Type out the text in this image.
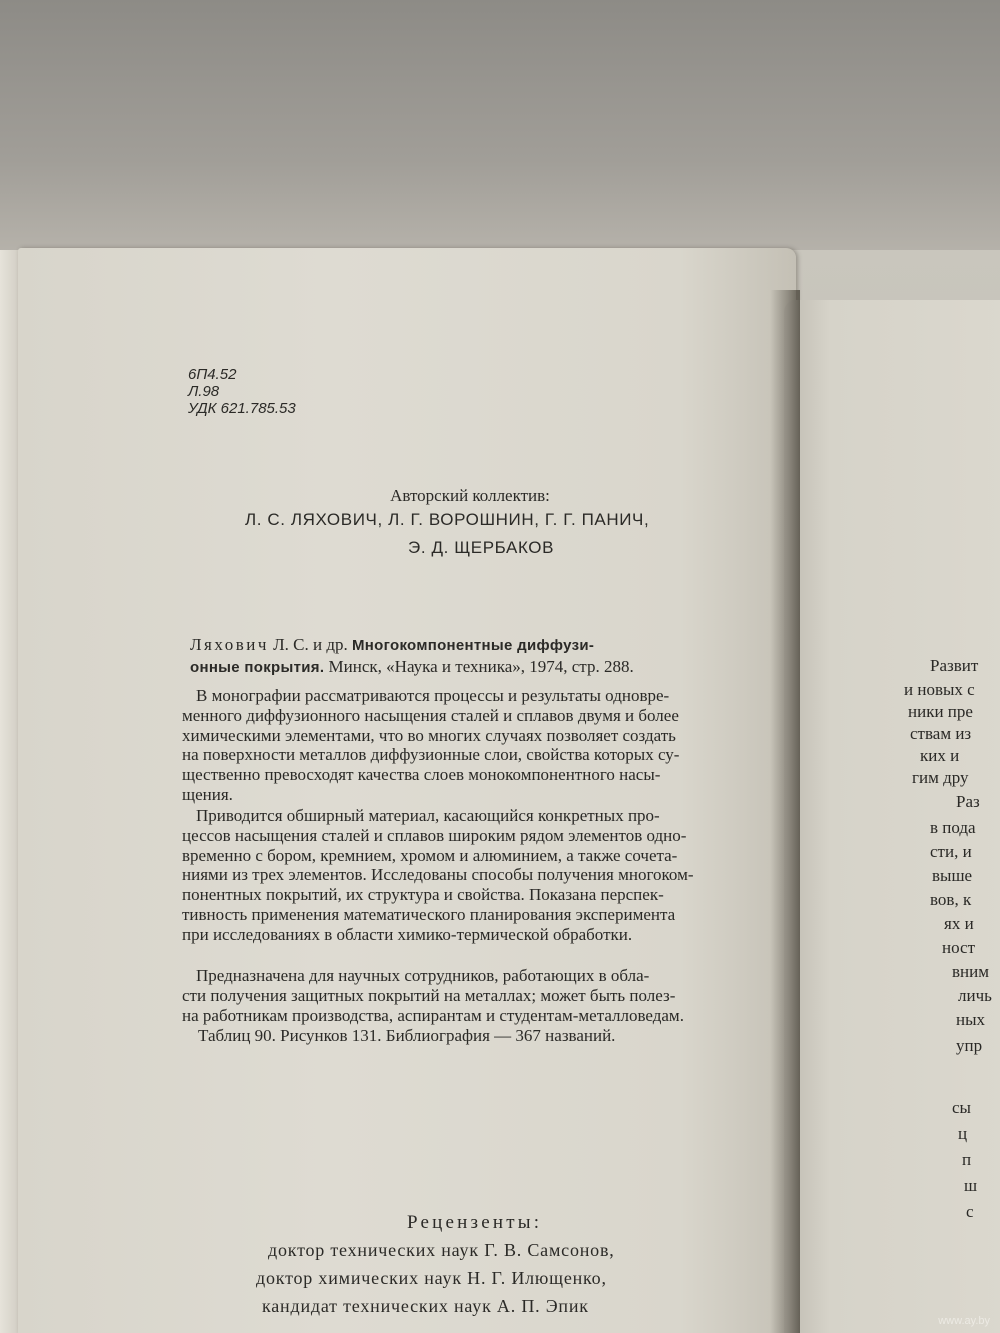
6П4.52
Л.98
УДК 621.785.53
Авторский коллектив:
Л. С. ЛЯХОВИЧ, Л. Г. ВОРОШНИН, Г. Г. ПАНИЧ,
Э. Д. ЩЕРБАКОВ
Ляхович Л. С. и др. Многокомпонентные диффузи-
онные покрытия. Минск, «Наука и техника», 1974, стр. 288.
В монографии рассматриваются процессы и результаты одновре-
менного диффузионного насыщения сталей и сплавов двумя и более
химическими элементами, что во многих случаях позволяет создать
на поверхности металлов диффузионные слои, свойства которых су-
щественно превосходят качества слоев монокомпонентного насы-
щения.
Приводится обширный материал, касающийся конкретных про-
цессов насыщения сталей и сплавов широким рядом элементов одно-
временно с бором, кремнием, хромом и алюминием, а также сочета-
ниями из трех элементов. Исследованы способы получения многоком-
понентных покрытий, их структура и свойства. Показана перспек-
тивность применения математического планирования эксперимента
при исследованиях в области химико-термической обработки.
Предназначена для научных сотрудников, работающих в обла-
сти получения защитных покрытий на металлах; может быть полез-
на работникам производства, аспирантам и студентам-металловедам.
Таблиц 90. Рисунков 131. Библиография — 367 названий.
Рецензенты:
доктор технических наук Г. В. Самсонов,
доктор химических наук Н. Г. Илющенко,
кандидат технических наук А. П. Эпик
Развит
и новых с
ники пре
ствам из
ких и
гим дру
Раз
в пода
сти, и
выше
вов, к
ях и
ност
вним
личь
ных
упр
сы
ц
п
ш
с
www.ay.by
